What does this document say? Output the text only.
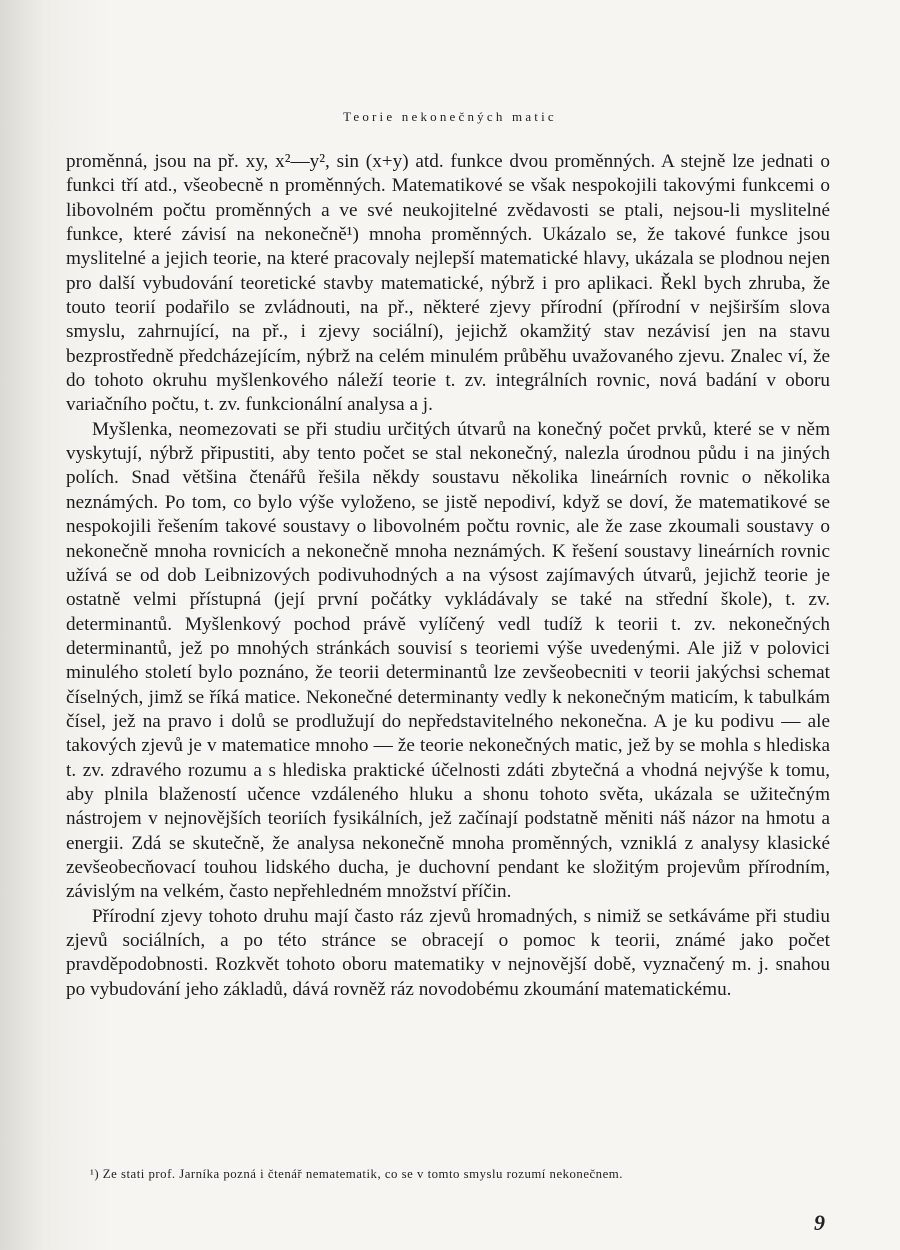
Teorie nekonečných matic

proměnná, jsou na př. xy, x²—y², sin (x+y) atd. funkce dvou proměnných. A stejně lze jednati o funkci tří atd., všeobecně n proměnných. Matematikové se však nespokojili takovými funkcemi o libovolném počtu proměnných a ve své neukojitelné zvědavosti se ptali, nejsou-li myslitelné funkce, které závisí na nekonečně¹) mnoha proměnných. Ukázalo se, že takové funkce jsou myslitelné a jejich teorie, na které pracovaly nejlepší matematické hlavy, ukázala se plodnou nejen pro další vybudování teoretické stavby matematické, nýbrž i pro aplikaci. Řekl bych zhruba, že touto teorií podařilo se zvládnouti, na př., některé zjevy přírodní (přírodní v nejširším slova smyslu, zahrnující, na př., i zjevy sociální), jejichž okamžitý stav nezávisí jen na stavu bezprostředně předcházejícím, nýbrž na celém minulém průběhu uvažovaného zjevu. Znalec ví, že do tohoto okruhu myšlenkového náleží teorie t. zv. integrálních rovnic, nová badání v oboru variačního počtu, t. zv. funkcionální analysa a j.

Myšlenka, neomezovati se při studiu určitých útvarů na konečný počet prvků, které se v něm vyskytují, nýbrž připustiti, aby tento počet se stal nekonečný, nalezla úrodnou půdu i na jiných polích. Snad většina čtenářů řešila někdy soustavu několika lineárních rovnic o několika neznámých. Po tom, co bylo výše vyloženo, se jistě nepodiví, když se doví, že matematikové se nespokojili řešením takové soustavy o libovolném počtu rovnic, ale že zase zkoumali soustavy o nekonečně mnoha rovnicích a nekonečně mnoha neznámých. K řešení soustavy lineárních rovnic užívá se od dob Leibnizových podivuhodných a na výsost zajímavých útvarů, jejichž teorie je ostatně velmi přístupná (její první počátky vykládávaly se také na střední škole), t. zv. determinantů. Myšlenkový pochod právě vylíčený vedl tudíž k teorii t. zv. nekonečných determinantů, jež po mnohých stránkách souvisí s teoriemi výše uvedenými. Ale již v polovici minulého století bylo poznáno, že teorii determinantů lze zevšeobecniti v teorii jakýchsi schemat číselných, jimž se říká matice. Nekonečné determinanty vedly k nekonečným maticím, k tabulkám čísel, jež na pravo i dolů se prodlužují do nepředstavitelného nekonečna. A je ku podivu — ale takových zjevů je v matematice mnoho — že teorie nekonečných matic, jež by se mohla s hlediska t. zv. zdravého rozumu a s hlediska praktické účelnosti zdáti zbytečná a vhodná nejvýše k tomu, aby plnila blažeností učence vzdáleného hluku a shonu tohoto světa, ukázala se užitečným nástrojem v nejnovějších teoriích fysikálních, jež začínají podstatně měniti náš názor na hmotu a energii. Zdá se skutečně, že analysa nekonečně mnoha proměnných, vzniklá z analysy klasické zevšeobecňovací touhou lidského ducha, je duchovní pendant ke složitým projevům přírodním, závislým na velkém, často nepřehledném množství příčin.

Přírodní zjevy tohoto druhu mají často ráz zjevů hromadných, s nimiž se setkáváme při studiu zjevů sociálních, a po této stránce se obracejí o pomoc k teorii, známé jako počet pravděpodobnosti. Rozkvět tohoto oboru matematiky v nejnovější době, vyznačený m. j. snahou po vybudování jeho základů, dává rovněž ráz novodobému zkoumání matematickému.

¹) Ze stati prof. Jarníka pozná i čtenář nematematik, co se v tomto smyslu rozumí nekonečnem.
9
